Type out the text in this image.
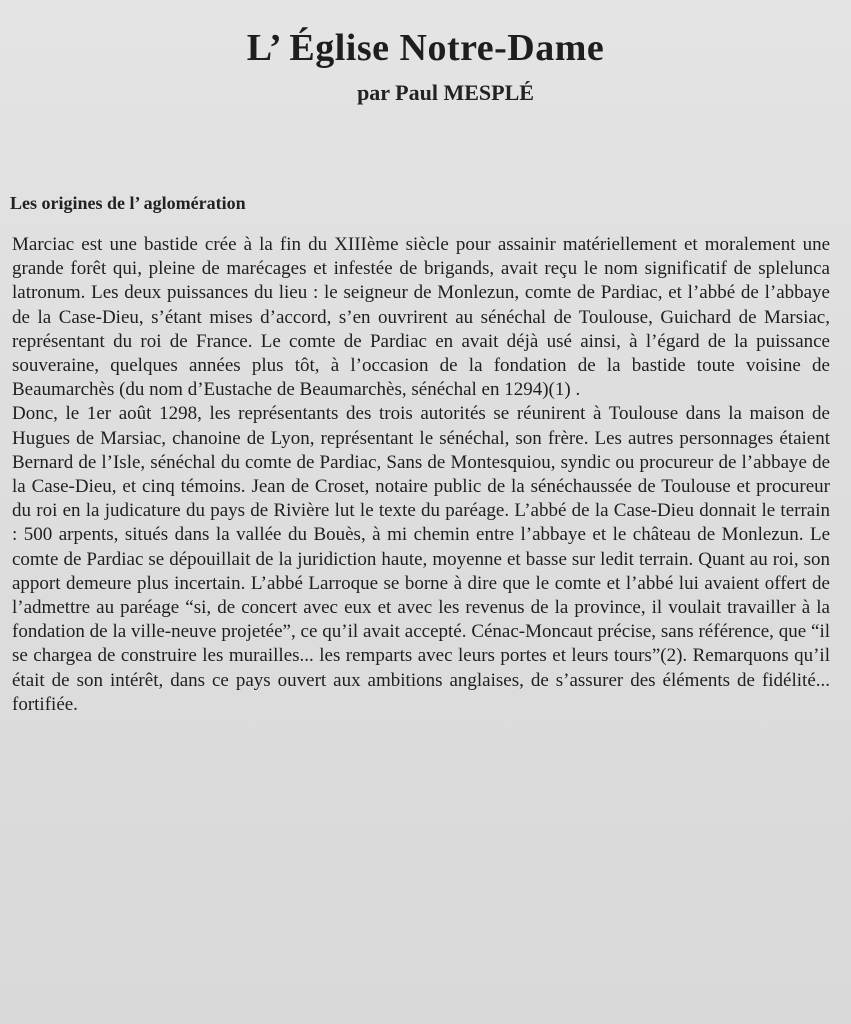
L’ Église Notre-Dame
par Paul MESPLÉ
Les origines de l’ aglomération

Marciac est une bastide crée à la fin du XIIIème siècle pour assainir matériellement et moralement une grande forêt qui, pleine de marécages et infestée de brigands, avait reçu le nom significatif de splelunca latronum. Les deux puissances du lieu : le seigneur de Monlezun, comte de Pardiac, et l’abbé de l’abbaye de la Case-Dieu, s’étant mises d’accord, s’en ouvrirent au sénéchal de Toulouse, Guichard de Marsiac, représentant du roi de France. Le comte de Pardiac en avait déjà usé ainsi, à l’égard de la puissance souveraine, quelques années plus tôt, à l’occasion de la fondation de la bastide toute voisine de Beaumarchès (du nom d’Eustache de Beaumarchès, sénéchal en 1294)(1) .

Donc, le 1er août 1298, les représentants des trois autorités se réunirent à Toulouse dans la maison de Hugues de Marsiac, chanoine de Lyon, représentant le sénéchal, son frère. Les autres personnages étaient Bernard de l’Isle, sénéchal du comte de Pardiac, Sans de Montesquiou, syndic ou procureur de l’abbaye de la Case-Dieu, et cinq témoins. Jean de Croset, notaire public de la sénéchaussée de Toulouse et procureur du roi en la judicature du pays de Rivière lut le texte du paréage. L’abbé de la Case-Dieu donnait le terrain : 500 arpents, situés dans la vallée du Bouès, à mi chemin entre l’abbaye et le château de Monlezun. Le comte de Pardiac se dépouillait de la juridiction haute, moyenne et basse sur ledit terrain. Quant au roi, son apport demeure plus incertain. L’abbé Larroque se borne à dire que le comte et l’abbé lui avaient offert de l’admettre au paréage “si, de concert avec eux et avec les revenus de la province, il voulait travailler à la fondation de la ville-neuve projetée”, ce qu’il avait accepté. Cénac-Moncaut précise, sans référence, que “il se chargea de construire les murailles... les remparts avec leurs portes et leurs tours”(2). Remarquons qu’il était de son intérêt, dans ce pays ouvert aux ambitions anglaises, de s’assurer des éléments de fidélité... fortifiée.
